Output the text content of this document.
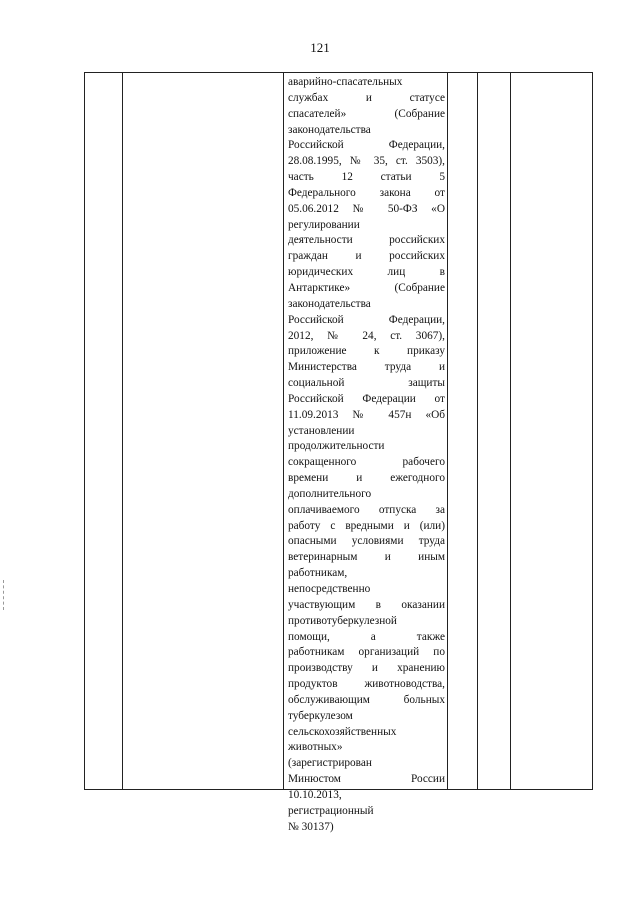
121
аварийно-спасательных
службах и статусе
спасателей» (Собрание
законодательства
Российской Федерации,
28.08.1995, № 35, ст. 3503),
часть 12 статьи 5
Федерального закона от
05.06.2012 № 50-ФЗ «О
регулировании
деятельности российских
граждан и российских
юридических лиц в
Антарктике» (Собрание
законодательства
Российской Федерации,
2012, № 24, ст. 3067),
приложение к приказу
Министерства труда и
социальной защиты
Российской Федерации от
11.09.2013 № 457н «Об
установлении
продолжительности
сокращенного рабочего
времени и ежегодного
дополнительного
оплачиваемого отпуска за
работу с вредными и (или)
опасными условиями труда
ветеринарным и иным
работникам,
непосредственно
участвующим в оказании
противотуберкулезной
помощи, а также
работникам организаций по
производству и хранению
продуктов животноводства,
обслуживающим больных
туберкулезом
сельскохозяйственных
животных»
(зарегистрирован
Минюстом России
10.10.2013,
регистрационный
№ 30137)
